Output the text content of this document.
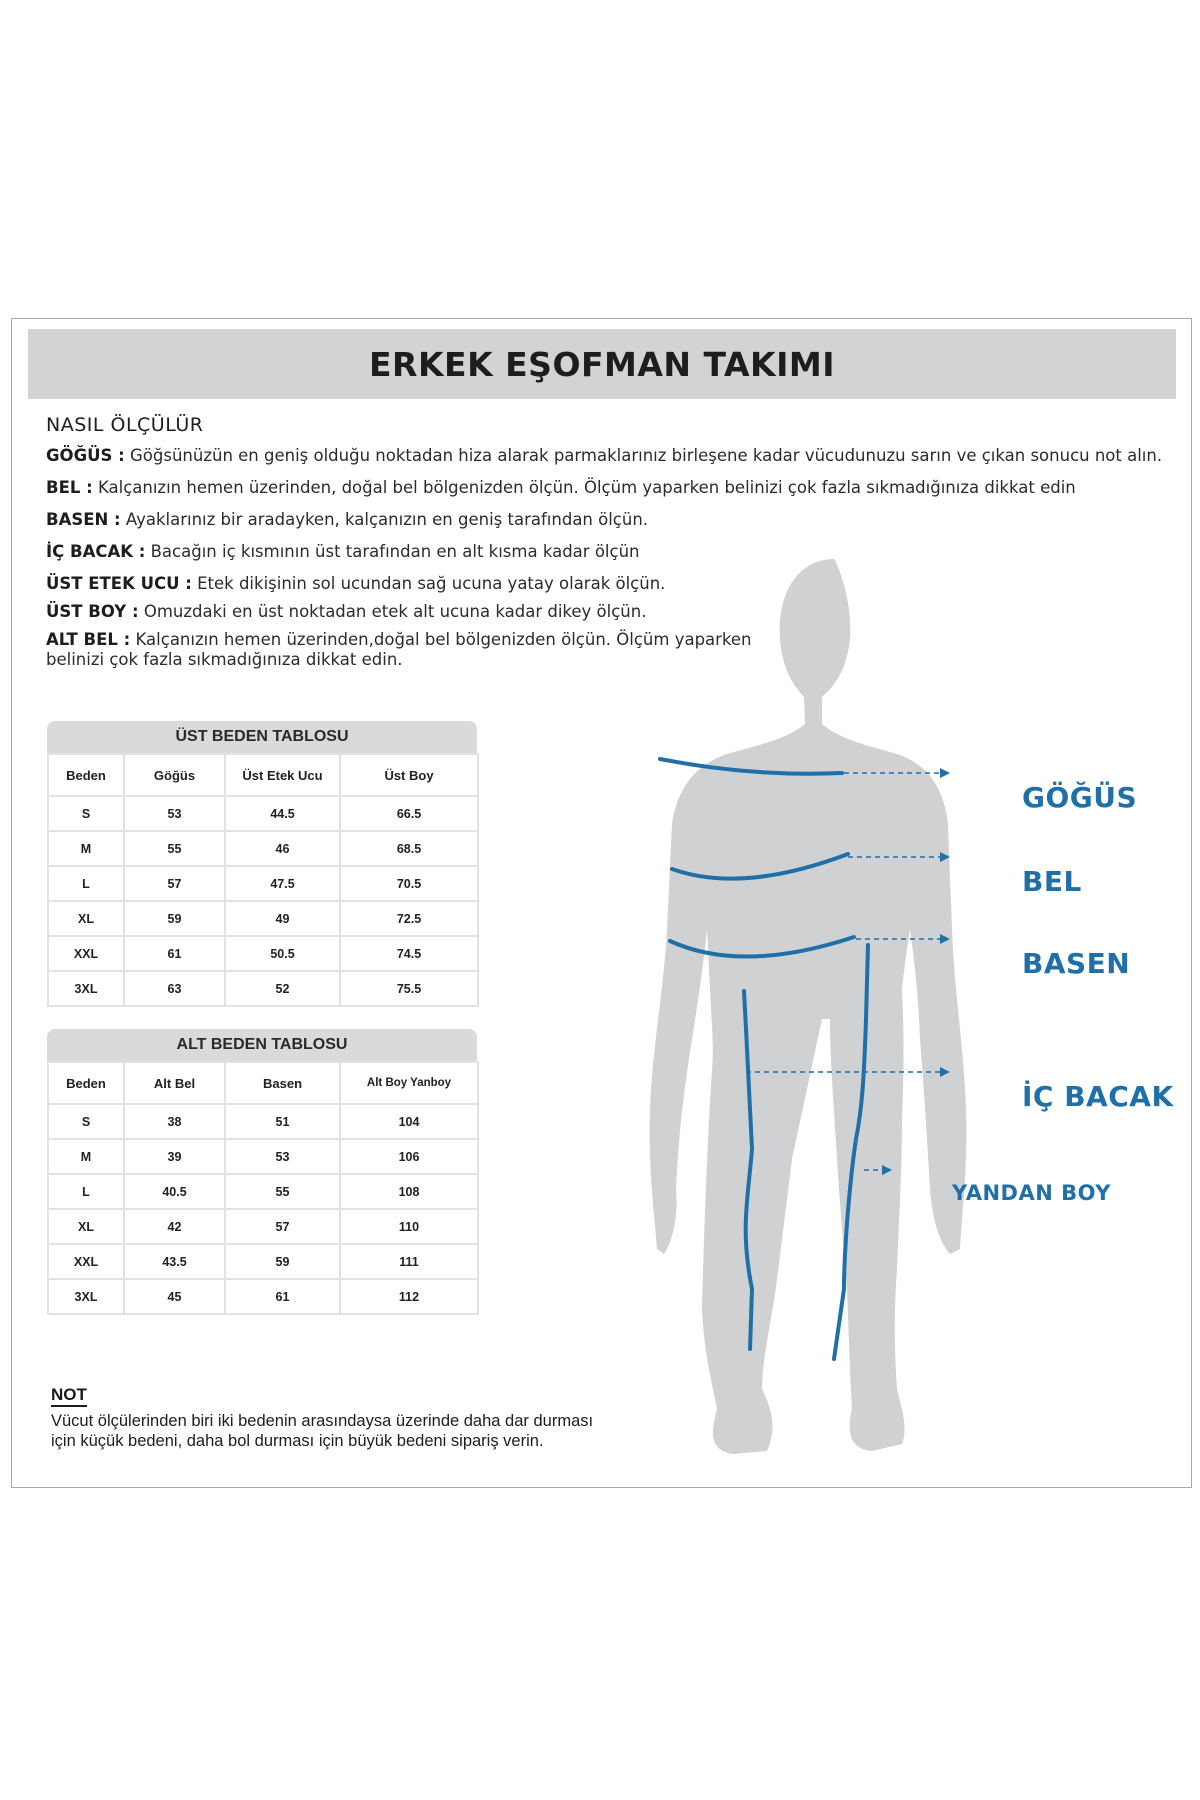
ERKEK EŞOFMAN TAKIMI
NASIL ÖLÇÜLÜR
GÖĞÜS : Göğsünüzün en geniş olduğu noktadan hiza alarak parmaklarınız birleşene kadar vücudunuzu sarın ve çıkan sonucu not alın.
BEL : Kalçanızın hemen üzerinden, doğal bel bölgenizden ölçün. Ölçüm yaparken belinizi çok fazla sıkmadığınıza dikkat edin
BASEN : Ayaklarınız bir aradayken, kalçanızın en geniş tarafından ölçün.
İÇ BACAK : Bacağın iç kısmının üst tarafından en alt kısma kadar ölçün
ÜST ETEK UCU : Etek dikişinin sol ucundan sağ ucuna yatay olarak ölçün.
ÜST BOY : Omuzdaki en üst noktadan etek alt ucuna kadar dikey ölçün.
ALT BEL : Kalçanızın hemen üzerinden,doğal bel bölgenizden ölçün. Ölçüm yaparken belinizi çok fazla sıkmadığınıza dikkat edin.
ÜST BEDEN TABLOSU
Beden	Göğüs	Üst Etek Ucu	Üst Boy
S	53	44.5	66.5
M	55	46	68.5
L	57	47.5	70.5
XL	59	49	72.5
XXL	61	50.5	74.5
3XL	63	52	75.5
ALT BEDEN TABLOSU
Beden	Alt Bel	Basen	Alt Boy Yanboy
S	38	51	104
M	39	53	106
L	40.5	55	108
XL	42	57	110
XXL	43.5	59	111
3XL	45	61	112
NOT
Vücut ölçülerinden biri iki bedenin arasındaysa üzerinde daha dar durması için küçük bedeni, daha bol durması için büyük bedeni sipariş verin.
GÖĞÜS
BEL
BASEN
İÇ BACAK
YANDAN BOY
